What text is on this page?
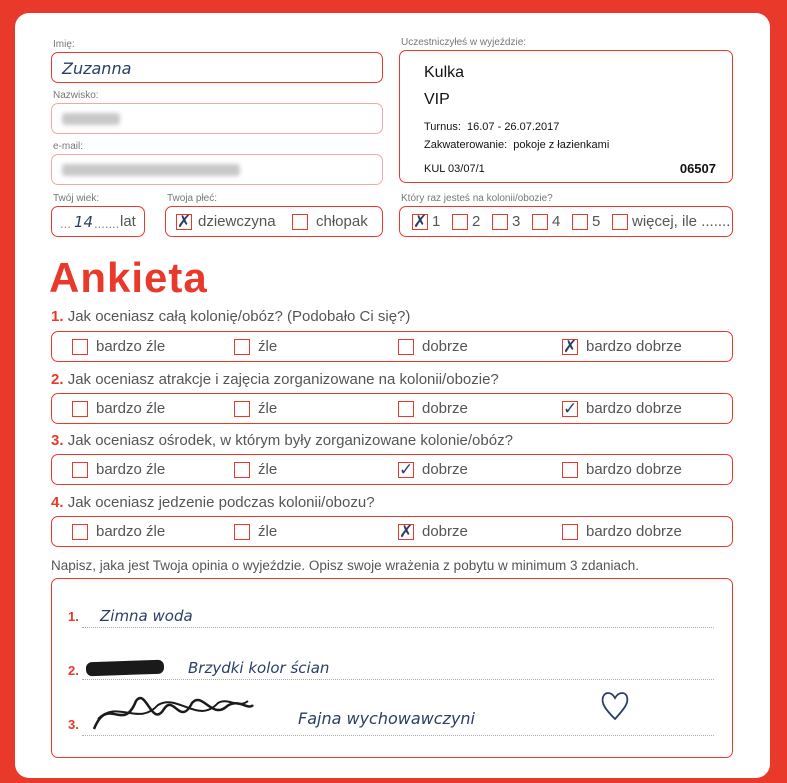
Imię:
Zuzanna
Nazwisko:
e-mail:
Twój wiek:
... 14 ....... lat
Twoja płeć:
✗ dziewczyna	chłopak
Uczestniczyłeś w wyjeździe:
Kulka
VIP
Turnus: 16.07 - 26.07.2017
Zakwaterowanie: pokoje z łazienkami
KUL 03/07/1	06507
Który raz jesteś na kolonii/obozie?
✗ 1 2 3 4 5 więcej, ile .......
Ankieta
1. Jak oceniasz całą kolonię/obóz? (Podobało Ci się?)
bardzo źle	źle	dobrze	✗ bardzo dobrze
2. Jak oceniasz atrakcje i zajęcia zorganizowane na kolonii/obozie?
bardzo źle	źle	dobrze	✓ bardzo dobrze
3. Jak oceniasz ośrodek, w którym były zorganizowane kolonie/obóz?
bardzo źle	źle	✓ dobrze	bardzo dobrze
4. Jak oceniasz jedzenie podczas kolonii/obozu?
bardzo źle	źle	✗ dobrze	bardzo dobrze
Napisz, jaka jest Twoja opinia o wyjeździe. Opisz swoje wrażenia z pobytu w minimum 3 zdaniach.
1. Zimna woda
2.	Brzydki kolor ścian
3.	Fajna wychowawczyni
